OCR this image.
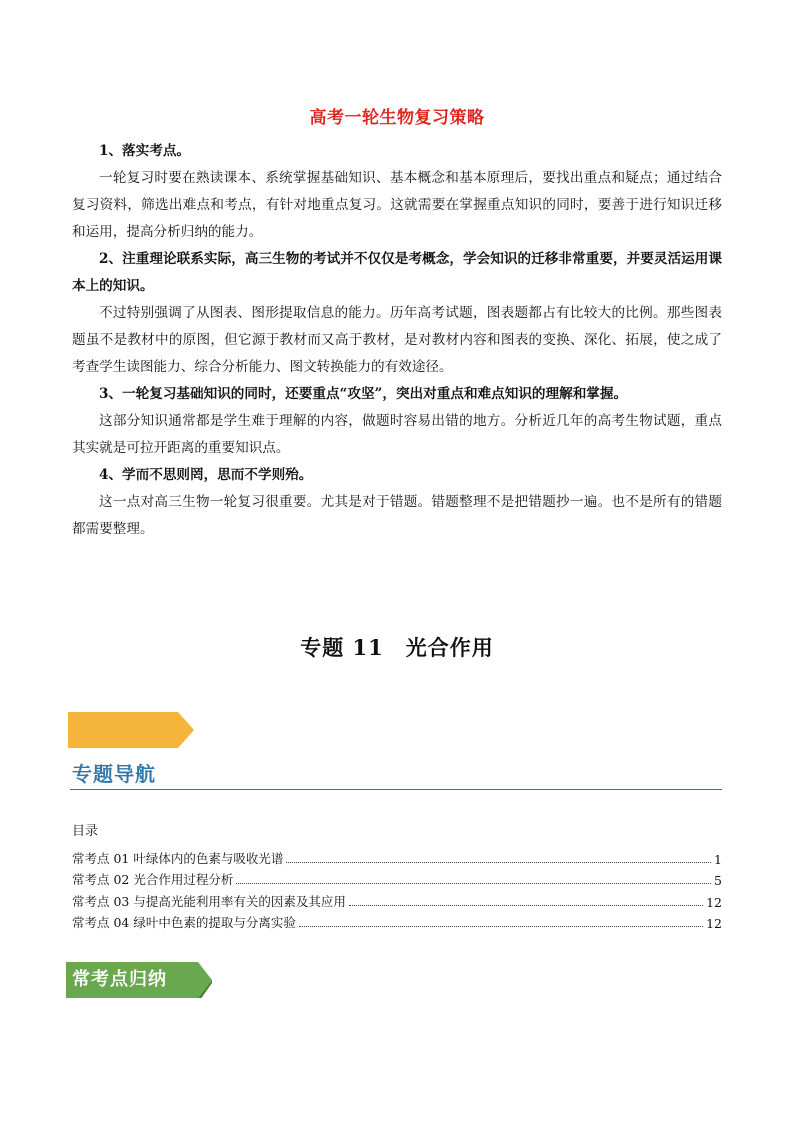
高考一轮生物复习策略

1、落实考点。

一轮复习时要在熟读课本、系统掌握基础知识、基本概念和基本原理后，要找出重点和疑点；通过结合复习资料，筛选出难点和考点，有针对地重点复习。这就需要在掌握重点知识的同时，要善于进行知识迁移和运用，提高分析归纳的能力。

2、注重理论联系实际，高三生物的考试并不仅仅是考概念，学会知识的迁移非常重要，并要灵活运用课本上的知识。

不过特别强调了从图表、图形提取信息的能力。历年高考试题，图表题都占有比较大的比例。那些图表题虽不是教材中的原图，但它源于教材而又高于教材，是对教材内容和图表的变换、深化、拓展，使之成了考查学生读图能力、综合分析能力、图文转换能力的有效途径。

3、一轮复习基础知识的同时，还要重点“攻坚”，突出对重点和难点知识的理解和掌握。

这部分知识通常都是学生难于理解的内容，做题时容易出错的地方。分析近几年的高考生物试题，重点其实就是可拉开距离的重要知识点。

4、学而不思则罔，思而不学则殆。

这一点对高三生物一轮复习很重要。尤其是对于错题。错题整理不是把错题抄一遍。也不是所有的错题都需要整理。

专题 11　光合作用
专题导航
目录
常考点 01 叶绿体内的色素与吸收光谱	1
常考点 02 光合作用过程分析	5
常考点 03 与提高光能利用率有关的因素及其应用	12
常考点 04 绿叶中色素的提取与分离实验	12
常考点归纳
